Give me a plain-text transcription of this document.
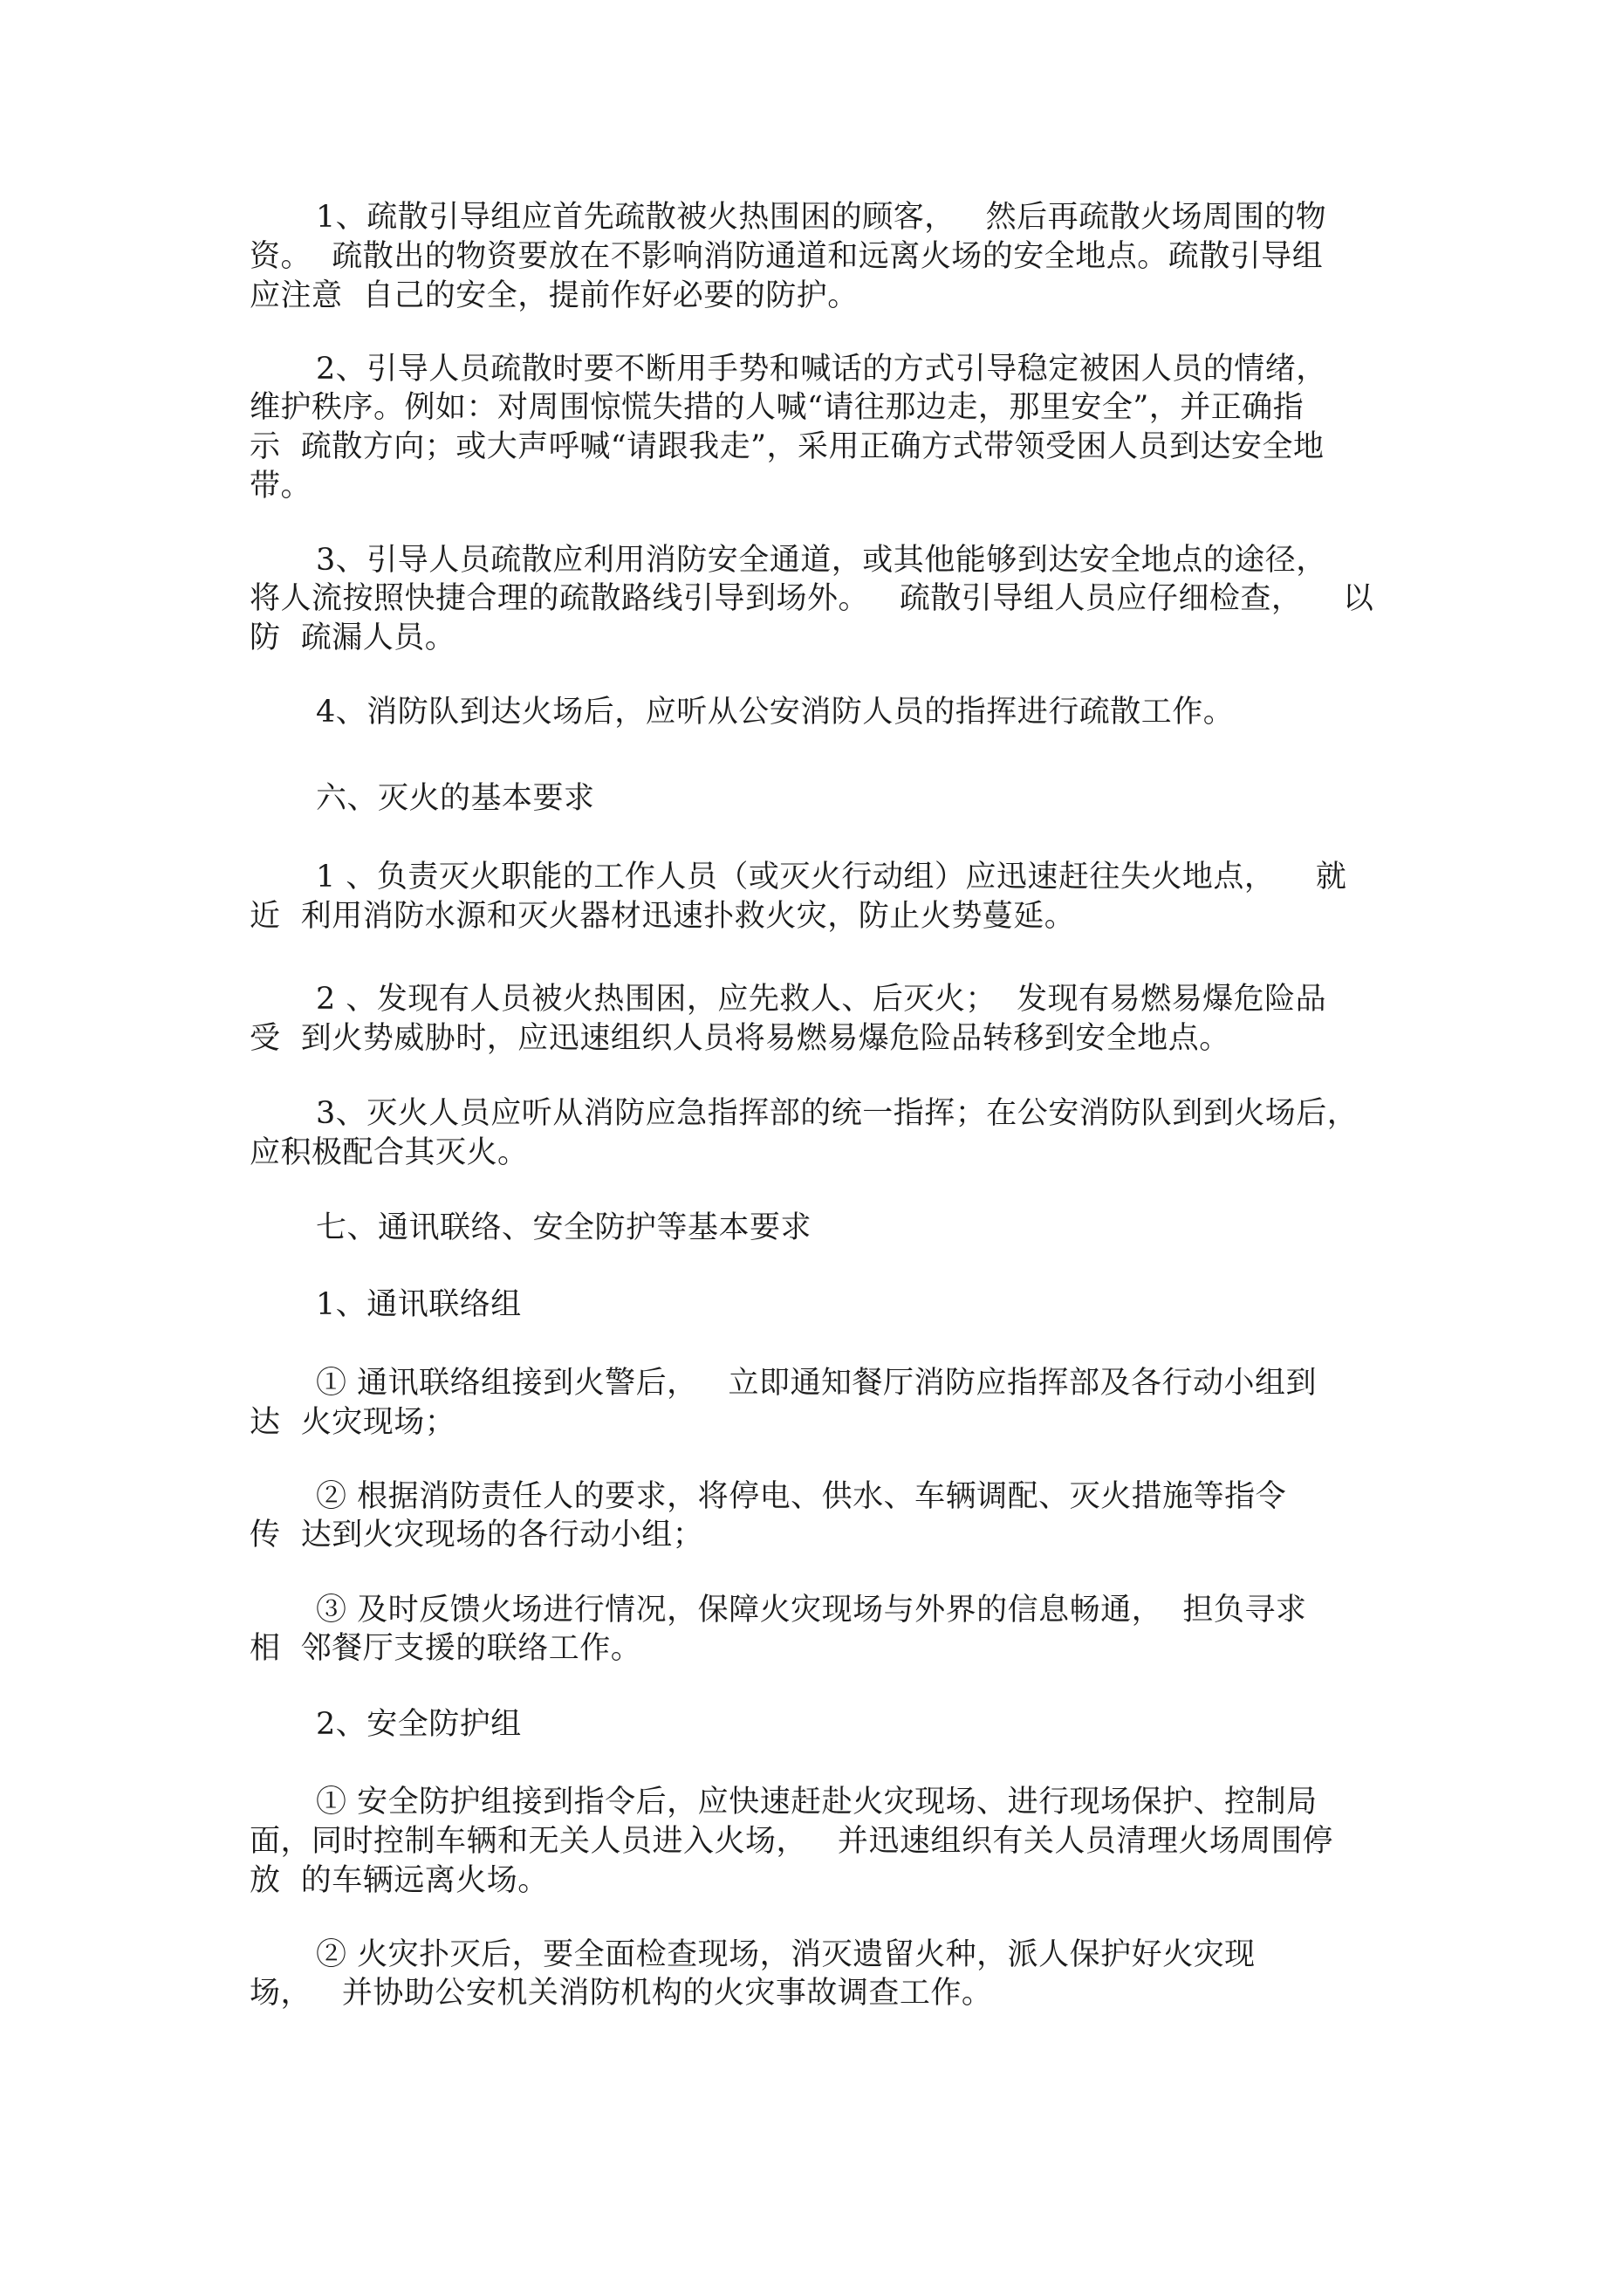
1、疏散引导组应首先疏散被火热围困的顾客，   然后再疏散火场周围的物
资。  疏散出的物资要放在不影响消防通道和远离火场的安全地点。疏散引导组
应注意  自己的安全，提前作好必要的防护。
2、引导人员疏散时要不断用手势和喊话的方式引导稳定被困人员的情绪，
维护秩序。例如：对周围惊慌失措的人喊“请往那边走，那里安全”，并正确指
示  疏散方向；或大声呼喊“请跟我走”，采用正确方式带领受困人员到达安全地
带。
3、引导人员疏散应利用消防安全通道，或其他能够到达安全地点的途径，
将人流按照快捷合理的疏散路线引导到场外。   疏散引导组人员应仔细检查，    以
防  疏漏人员。
4、消防队到达火场后，应听从公安消防人员的指挥进行疏散工作。
六、灭火的基本要求
1 、负责灭火职能的工作人员（或灭火行动组）应迅速赶往失火地点，    就
近  利用消防水源和灭火器材迅速扑救火灾，防止火势蔓延。
2 、发现有人员被火热围困，应先救人、后灭火；  发现有易燃易爆危险品
受  到火势威胁时，应迅速组织人员将易燃易爆危险品转移到安全地点。
3、灭火人员应听从消防应急指挥部的统一指挥；在公安消防队到到火场后，
应积极配合其灭火。
七、通讯联络、安全防护等基本要求
1、通讯联络组
① 通讯联络组接到火警后，   立即通知餐厅消防应指挥部及各行动小组到
达  火灾现场；
② 根据消防责任人的要求，将停电、供水、车辆调配、灭火措施等指令
传  达到火灾现场的各行动小组；
③ 及时反馈火场进行情况，保障火灾现场与外界的信息畅通，  担负寻求
相  邻餐厅支援的联络工作。
2、安全防护组
① 安全防护组接到指令后，应快速赶赴火灾现场、进行现场保护、控制局
面，同时控制车辆和无关人员进入火场，   并迅速组织有关人员清理火场周围停
放  的车辆远离火场。
② 火灾扑灭后，要全面检查现场，消灭遗留火种，派人保护好火灾现
场，   并协助公安机关消防机构的火灾事故调查工作。
